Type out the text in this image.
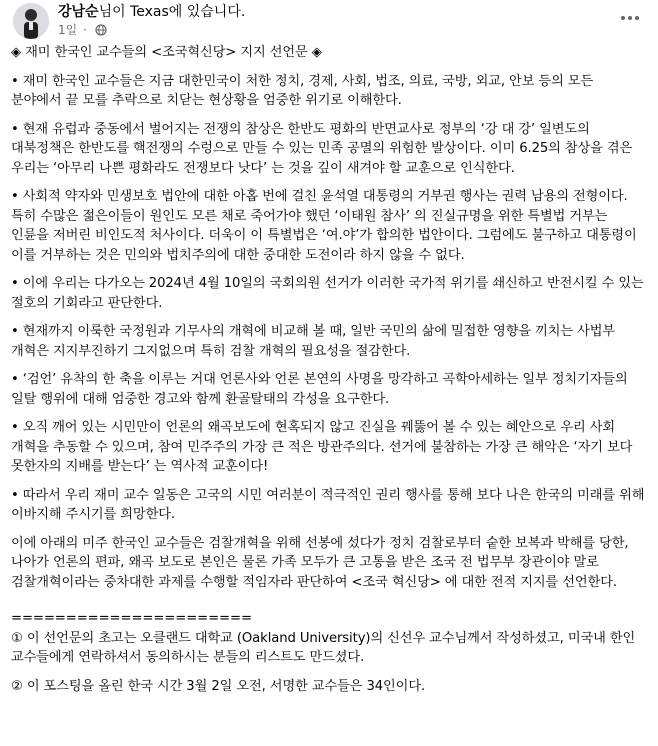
강남순님이 Texas에 있습니다.
1일 ·

◈ 재미 한국인 교수들의 <조국혁신당> 지지 선언문 ◈

• 재미 한국인 교수들은 지금 대한민국이 처한 정치, 경제, 사회, 법조, 의료, 국방, 외교, 안보 등의 모든 분야에서 끝 모를 추락으로 치닫는 현상황을 엄중한 위기로 이해한다.

• 현재 유럽과 중동에서 벌어지는 전쟁의 참상은 한반도 평화의 반면교사로 정부의 ‘강 대 강’ 일변도의 대북정책은 한반도를 핵전쟁의 수렁으로 만들 수 있는 민족 공멸의 위험한 발상이다. 이미 6.25의 참상을 겪은 우리는 ‘아무리 나쁜 평화라도 전쟁보다 낫다’ 는 것을 깊이 새겨야 할 교훈으로 인식한다.

• 사회적 약자와 민생보호 법안에 대한 아홉 번에 걸친 윤석열 대통령의 거부권 행사는 권력 남용의 전형이다. 특히 수많은 젊은이들이 원인도 모른 채로 죽어가야 했던 ‘이태원 참사’ 의 진실규명을 위한 특별법 거부는 인륜을 저버린 비인도적 처사이다. 더욱이 이 특별법은 ‘여.야’가 합의한 법안이다. 그럼에도 불구하고 대통령이 이를 거부하는 것은 민의와 법치주의에 대한 중대한 도전이라 하지 않을 수 없다.

• 이에 우리는 다가오는 2024년 4월 10일의 국회의원 선거가 이러한 국가적 위기를 쇄신하고 반전시킬 수 있는 절호의 기회라고 판단한다.

• 현재까지 이룩한 국정원과 기무사의 개혁에 비교해 볼 때, 일반 국민의 삶에 밀접한 영향을 끼치는 사법부 개혁은 지지부진하기 그지없으며 특히 검찰 개혁의 필요성을 절감한다.

• ‘검언’ 유착의 한 축을 이루는 거대 언론사와 언론 본연의 사명을 망각하고 곡학아세하는 일부 정치기자들의 일탈 행위에 대해 엄중한 경고와 함께 환골탈태의 각성을 요구한다.

• 오직 깨어 있는 시민만이 언론의 왜곡보도에 현혹되지 않고 진실을 꿰뚫어 볼 수 있는 혜안으로 우리 사회 개혁을 추동할 수 있으며, 참여 민주주의 가장 큰 적은 방관주의다. 선거에 불참하는 가장 큰 해악은 ‘자기 보다 못한자의 지배를 받는다’ 는 역사적 교훈이다!

• 따라서 우리 재미 교수 일동은 고국의 시민 여러분이 적극적인 권리 행사를 통해 보다 나은 한국의 미래를 위해 이바지해 주시기를 희망한다.

이에 아래의 미주 한국인 교수들은 검찰개혁을 위해 선봉에 섰다가 정치 검찰로부터 숱한 보복과 박해를 당한, 나아가 언론의 편파, 왜곡 보도로 본인은 물론 가족 모두가 큰 고통을 받은 조국 전 법무부 장관이야 말로 검찰개혁이라는 중차대한 과제를 수행할 적임자라 판단하여 <조국 혁신당> 에 대한 전적 지지를 선언한다.

======================

① 이 선언문의 초고는 오클랜드 대학교 (Oakland University)의 신선우 교수님께서 작성하셨고, 미국내 한인 교수들에게 연락하셔서 동의하시는 분들의 리스트도 만드셨다.

② 이 포스팅을 올린 한국 시간 3월 2일 오전, 서명한 교수들은 34인이다.
